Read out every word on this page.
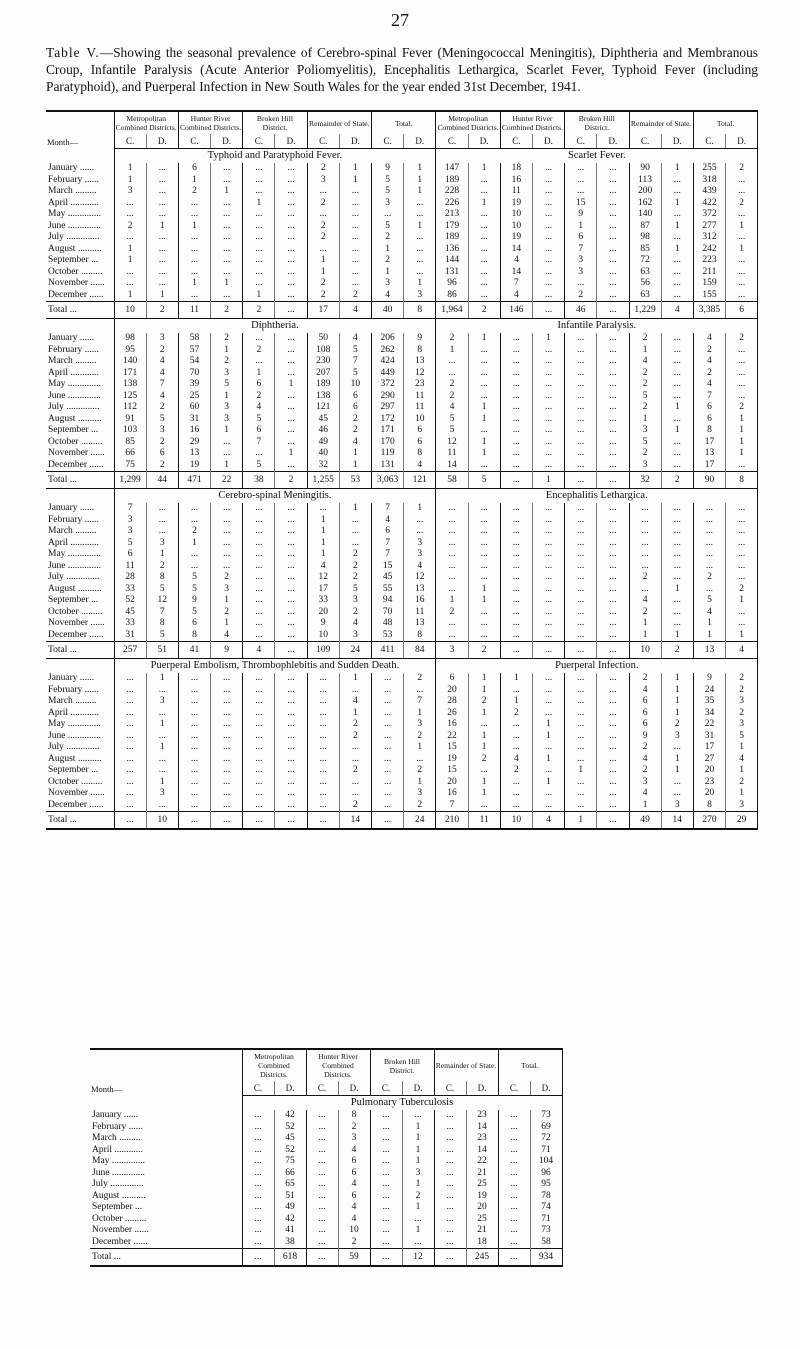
27
Table V.—Showing the seasonal prevalence of Cerebro-spinal Fever (Meningococcal Meningitis), Diphtheria and Membranous Croup, Infantile Paralysis (Acute Anterior Poliomyelitis), Encephalitis Lethargica, Scarlet Fever, Typhoid Fever (including Paratyphoid), and Puerperal Infection in New South Wales for the year ended 31st December, 1941.
Month—	Metropolitan Combined Districts.		Hunter River Combined Districts.		Broken Hill District.		Remainder of State.		Total.		Metropolitan Combined Districts.		Hunter River Combined Districts.		Broken Hill District.		Remainder of State.		Total.	
	C.	D.	C.	D.	C.	D.	C.	D.	C.	D.	C.	D.	C.	D.	C.	D.	C.	D.	C.	D.
	Typhoid and Paratyphoid Fever.										Scarlet Fever.									
January ......	1	...	6	...	...	...	2	1	9	1	147	1	18	...	...	...	90	1	255	2
February ......	1	...	1	...	...	...	3	1	5	1	189	...	16	...	...	...	113	...	318	...
March .........	3	...	2	1	...	...	...	...	5	1	228	...	11	...	...	...	200	...	439	...
April ............	...	...	...	...	1	...	2	...	3	...	226	1	19	...	15	...	162	1	422	2
May ..............	...	...	...	...	...	...	...	...	...	...	213	...	10	...	9	...	140	...	372	...
June ..............	2	1	1	...	...	...	2	...	5	1	179	...	10	...	1	...	87	1	277	1
July ..............	...	...	...	...	...	...	2	...	2	...	189	...	19	...	6	...	98	...	312	...
August ..........	1	...	...	...	...	...	...	...	1	...	136	...	14	...	7	...	85	1	242	1
September ...	1	...	...	...	...	...	1	...	2	...	144	...	4	...	3	...	72	...	223	...
October .........	...	...	...	...	...	...	1	...	1	...	131	...	14	...	3	...	63	...	211	...
November ......	...	...	1	1	...	...	2	...	3	1	96	...	7	...	...	...	56	...	159	...
December ......	1	1	...	...	1	...	2	2	4	3	86	...	4	...	2	...	63	...	155	...
Total ...	10	2	11	2	2	...	17	4	40	8	1,964	2	146	...	46	...	1,229	4	3,385	6
	Diphtheria.										Infantile Paralysis.									
January ......	98	3	58	2	...	...	50	4	206	9	2	1	...	1	...	...	2	...	4	2
February ......	95	2	57	1	2	...	108	5	262	8	1	...	...	...	...	...	1	...	2	...
March .........	140	4	54	2	...	...	230	7	424	13	...	...	...	...	...	...	4	...	4	...
April ............	171	4	70	3	1	...	207	5	449	12	...	...	...	...	...	...	2	...	2	...
May ..............	138	7	39	5	6	1	189	10	372	23	2	...	...	...	...	...	2	...	4	...
June ..............	125	4	25	1	2	...	138	6	290	11	2	...	...	...	...	...	5	...	7	...
July ..............	112	2	60	3	4	...	121	6	297	11	4	1	...	...	...	...	2	1	6	2
August ..........	91	5	31	3	5	...	45	2	172	10	5	1	...	...	...	...	1	...	6	1
September ...	103	3	16	1	6	...	46	2	171	6	5	...	...	...	...	...	3	1	8	1
October .........	85	2	29	...	7	...	49	4	170	6	12	1	...	...	...	...	5	...	17	1
November ......	66	6	13	...	...	1	40	1	119	8	11	1	...	...	...	...	2	...	13	1
December ......	75	2	19	1	5	...	32	1	131	4	14	...	...	...	...	...	3	...	17	...
Total ...	1,299	44	471	22	38	2	1,255	53	3,063	121	58	5	...	1	...	...	32	2	90	8
	Cerebro-spinal Meningitis.										Encephalitis Lethargica.									
January ......	7	...	...	...	...	...	...	1	7	1	...	...	...	...	...	...	...	...	...	...
February ......	3	...	...	...	...	...	1	...	4	...	...	...	...	...	...	...	...	...	...	...
March .........	3	...	2	...	...	...	1	...	6	...	...	...	...	...	...	...	...	...	...	...
April ............	5	3	1	...	...	...	1	...	7	3	...	...	...	...	...	...	...	...	...	...
May ..............	6	1	...	...	...	...	1	2	7	3	...	...	...	...	...	...	...	...	...	...
June ..............	11	2	...	...	...	...	4	2	15	4	...	...	...	...	...	...	...	...	...	...
July ..............	28	8	5	2	...	...	12	2	45	12	...	...	...	...	...	...	2	...	2	...
August ..........	33	5	5	3	...	...	17	5	55	13	...	1	...	...	...	...	...	1	...	2
September ...	52	12	9	1	...	...	33	3	94	16	1	1	...	...	...	...	4	...	5	1
October .........	45	7	5	2	...	...	20	2	70	11	2	...	...	...	...	...	2	...	4	...
November ......	33	8	6	1	...	...	9	4	48	13	...	...	...	...	...	...	1	...	1	...
December ......	31	5	8	4	...	...	10	3	53	8	...	...	...	...	...	...	1	1	1	1
Total ...	257	51	41	9	4	...	109	24	411	84	3	2	...	...	...	...	10	2	13	4
	Puerperal Embolism, Thrombophlebitis and Sudden Death.										Puerperal Infection.									
January ......	...	1	...	...	...	...	...	1	...	2	6	1	1	...	...	...	2	1	9	2
February ......	...	...	...	...	...	...	...	...	...	...	20	1	...	...	...	...	4	1	24	2
March .........	...	3	...	...	...	...	...	4	...	7	28	2	1	...	...	...	6	1	35	3
April ............	...	...	...	...	...	...	...	1	...	1	26	1	2	...	...	...	6	1	34	2
May ..............	...	1	...	...	...	...	...	2	...	3	16	...	...	1	...	...	6	2	22	3
June ..............	...	...	...	...	...	...	...	2	...	2	22	1	...	1	...	...	9	3	31	5
July ..............	...	1	...	...	...	...	...	...	...	1	15	1	...	...	...	...	2	...	17	1
August ..........	...	...	...	...	...	...	...	...	...	...	19	2	4	1	...	...	4	1	27	4
September ...	...	...	...	...	...	...	...	2	...	2	15	...	2	...	1	...	2	1	20	1
October .........	...	1	...	...	...	...	...	...	...	1	20	1	...	1	...	...	3	...	23	2
November ......	...	3	...	...	...	...	...	...	...	3	16	1	...	...	...	...	4	...	20	1
December ......	...	...	...	...	...	...	...	2	...	2	7	...	...	...	...	...	1	3	8	3
Total ...	...	10	...	...	...	...	...	14	...	24	210	11	10	4	1	...	49	14	270	29
Month—	Metropolitan Combined Districts.		Hunter River Combined Districts.		Broken Hill District.		Remainder of State.		Total.	
	C.	D.	C.	D.	C.	D.	C.	D.	C.	D.
	Pulmonary Tuberculosis									
January ......	...	42	...	8	...	...	...	23	...	73
February ......	...	52	...	2	...	1	...	14	...	69
March .........	...	45	...	3	...	1	...	23	...	72
April ............	...	52	...	4	...	1	...	14	...	71
May ..............	...	75	...	6	...	1	...	22	...	104
June ..............	...	66	...	6	...	3	...	21	...	96
July ..............	...	65	...	4	...	1	...	25	...	95
August ..........	...	51	...	6	...	2	...	19	...	78
September ...	...	49	...	4	...	1	...	20	...	74
October .........	...	42	...	4	...	...	...	25	...	71
November ......	...	41	...	10	...	1	...	21	...	73
December ......	...	38	...	2	...	...	...	18	...	58
Total ...	...	618	...	59	...	12	...	245	...	934
